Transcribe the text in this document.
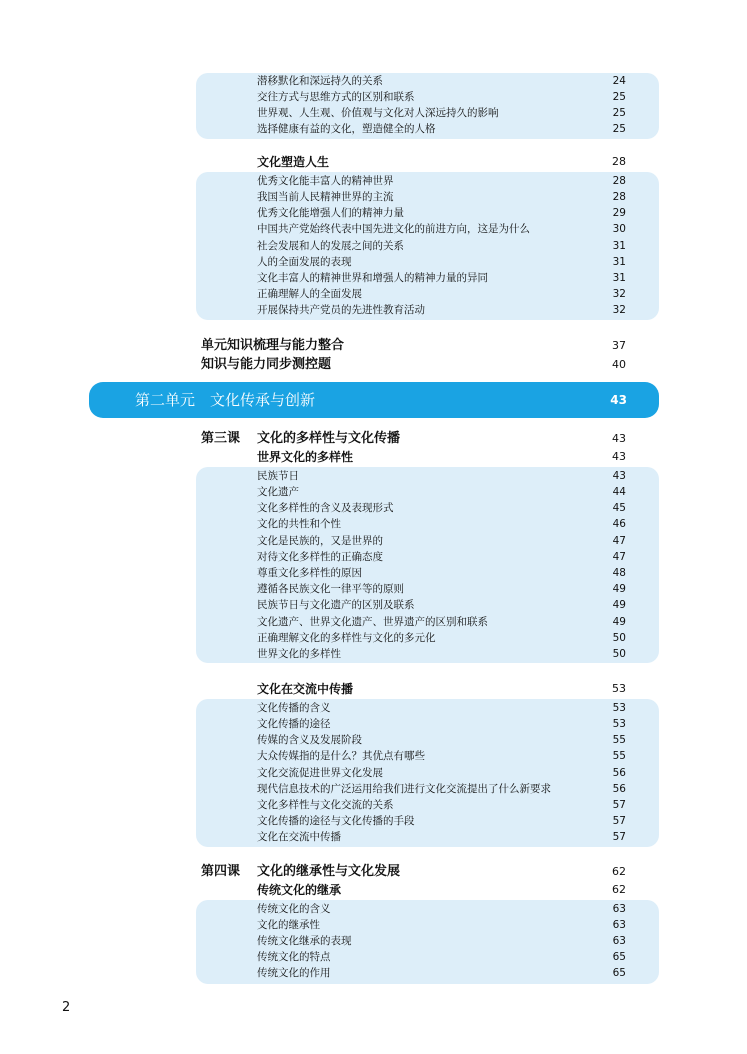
潜移默化和深远持久的关系	24
交往方式与思维方式的区别和联系	25
世界观、人生观、价值观与文化对人深远持久的影响	25
选择健康有益的文化，塑造健全的人格	25
文化塑造人生	28
优秀文化能丰富人的精神世界	28
我国当前人民精神世界的主流	28
优秀文化能增强人们的精神力量	29
中国共产党始终代表中国先进文化的前进方向，这是为什么	30
社会发展和人的发展之间的关系	31
人的全面发展的表现	31
文化丰富人的精神世界和增强人的精神力量的异同	31
正确理解人的全面发展	32
开展保持共产党员的先进性教育活动	32
单元知识梳理与能力整合	37
知识与能力同步测控题	40
第二单元　文化传承与创新	43
第三课 文化的多样性与文化传播	43
世界文化的多样性	43
民族节日	43
文化遗产	44
文化多样性的含义及表现形式	45
文化的共性和个性	46
文化是民族的，又是世界的	47
对待文化多样性的正确态度	47
尊重文化多样性的原因	48
遵循各民族文化一律平等的原则	49
民族节日与文化遗产的区别及联系	49
文化遗产、世界文化遗产、世界遗产的区别和联系	49
正确理解文化的多样性与文化的多元化	50
世界文化的多样性	50
文化在交流中传播	53
文化传播的含义	53
文化传播的途径	53
传媒的含义及发展阶段	55
大众传媒指的是什么？其优点有哪些	55
文化交流促进世界文化发展	56
现代信息技术的广泛运用给我们进行文化交流提出了什么新要求	56
文化多样性与文化交流的关系	57
文化传播的途径与文化传播的手段	57
文化在交流中传播	57
第四课 文化的继承性与文化发展	62
传统文化的继承	62
传统文化的含义	63
文化的继承性	63
传统文化继承的表现	63
传统文化的特点	65
传统文化的作用	65
2
